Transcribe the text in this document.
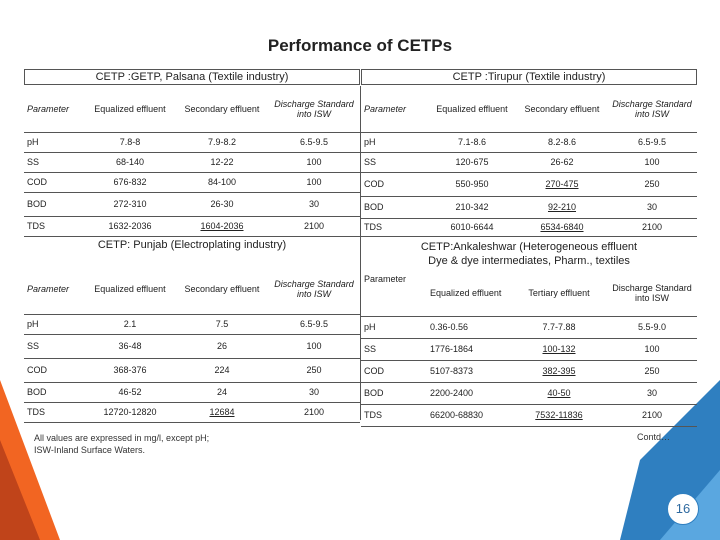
Performance of CETPs
CETP :GETP, Palsana (Textile industry)
Parameter	Equalized effluent	Secondary effluent	Discharge Standard into ISW
pH	7.8-8	7.9-8.2	6.5-9.5
SS	68-140	12-22	100
COD	676-832	84-100	100
BOD	272-310	26-30	30
TDS	1632-2036	1604-2036	2100
CETP :Tirupur (Textile industry)
Parameter	Equalized effluent	Secondary effluent	Discharge Standard into ISW
pH	7.1-8.6	8.2-8.6	6.5-9.5
SS	120-675	26-62	100
COD	550-950	270-475	250
BOD	210-342	92-210	30
TDS	6010-6644	6534-6840	2100
CETP: Punjab (Electroplating industry)
Parameter	Equalized effluent	Secondary effluent	Discharge Standard into ISW
pH	2.1	7.5	6.5-9.5
SS	36-48	26	100
COD	368-376	224	250
BOD	46-52	24	30
TDS	12720-12820	12684	2100
CETP:Ankaleshwar (Heterogeneous effluent
Dye & dye intermediates, Pharm., textiles
Parameter	Equalized effluent	Tertiary effluent	Discharge Standard into ISW
pH	0.36-0.56	7.7-7.88	5.5-9.0
SS	1776-1864	100-132	100
COD	5107-8373	382-395	250
BOD	2200-2400	40-50	30
TDS	66200-68830	7532-11836	2100
All values are expressed in mg/l, except pH;
ISW-Inland Surface Waters.
Contd…
16
